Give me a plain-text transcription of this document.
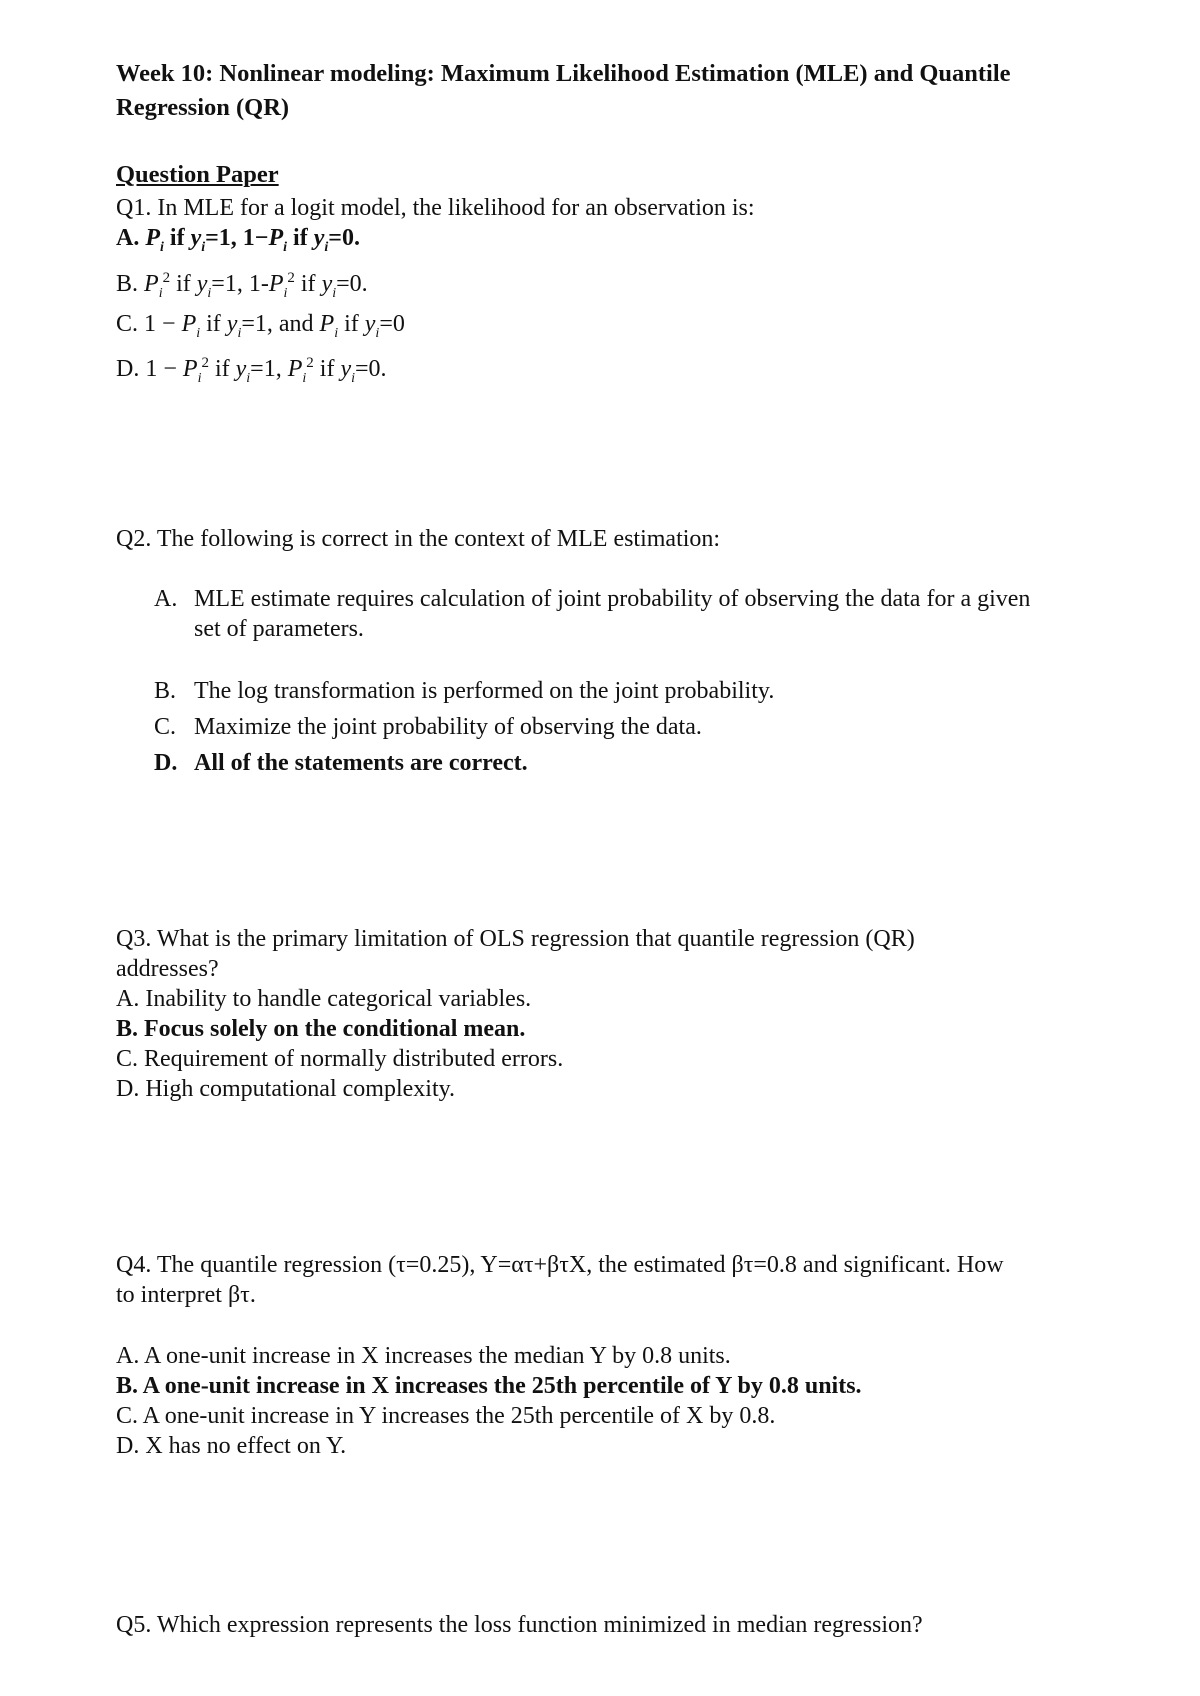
Week 10: Nonlinear modeling: Maximum Likelihood Estimation (MLE) and Quantile Regression (QR)
Question Paper
Q1. In MLE for a logit model, the likelihood for an observation is:
A. $P_i$ if $y_i=1$, $1-P_i$ if $y_i=0$.
B. $P_i^2$ if $y_i=1$, $1-P_i^2$ if $y_i=0$.
C. $1 - P_i$ if $y_i=1$, and $P_i$ if $y_i=0$
D. $1 - P_i^2$ if $y_i=1$, $P_i^2$ if $y_i=0$.
Q2. The following is correct in the context of MLE estimation:
A. MLE estimate requires calculation of joint probability of observing the data for a given set of parameters.
B. The log transformation is performed on the joint probability.
C. Maximize the joint probability of observing the data.
D. All of the statements are correct.
Q3. What is the primary limitation of OLS regression that quantile regression (QR)
addresses?
A. Inability to handle categorical variables.
B. Focus solely on the conditional mean.
C. Requirement of normally distributed errors.
D. High computational complexity.
Q4. The quantile regression (τ=0.25), Y=ατ+βτX, the estimated βτ=0.8 and significant. How
to interpret βτ.
A. A one-unit increase in X increases the median Y by 0.8 units.
B. A one-unit increase in X increases the 25th percentile of Y by 0.8 units.
C. A one-unit increase in Y increases the 25th percentile of X by 0.8.
D. X has no effect on Y.
Q5. Which expression represents the loss function minimized in median regression?
